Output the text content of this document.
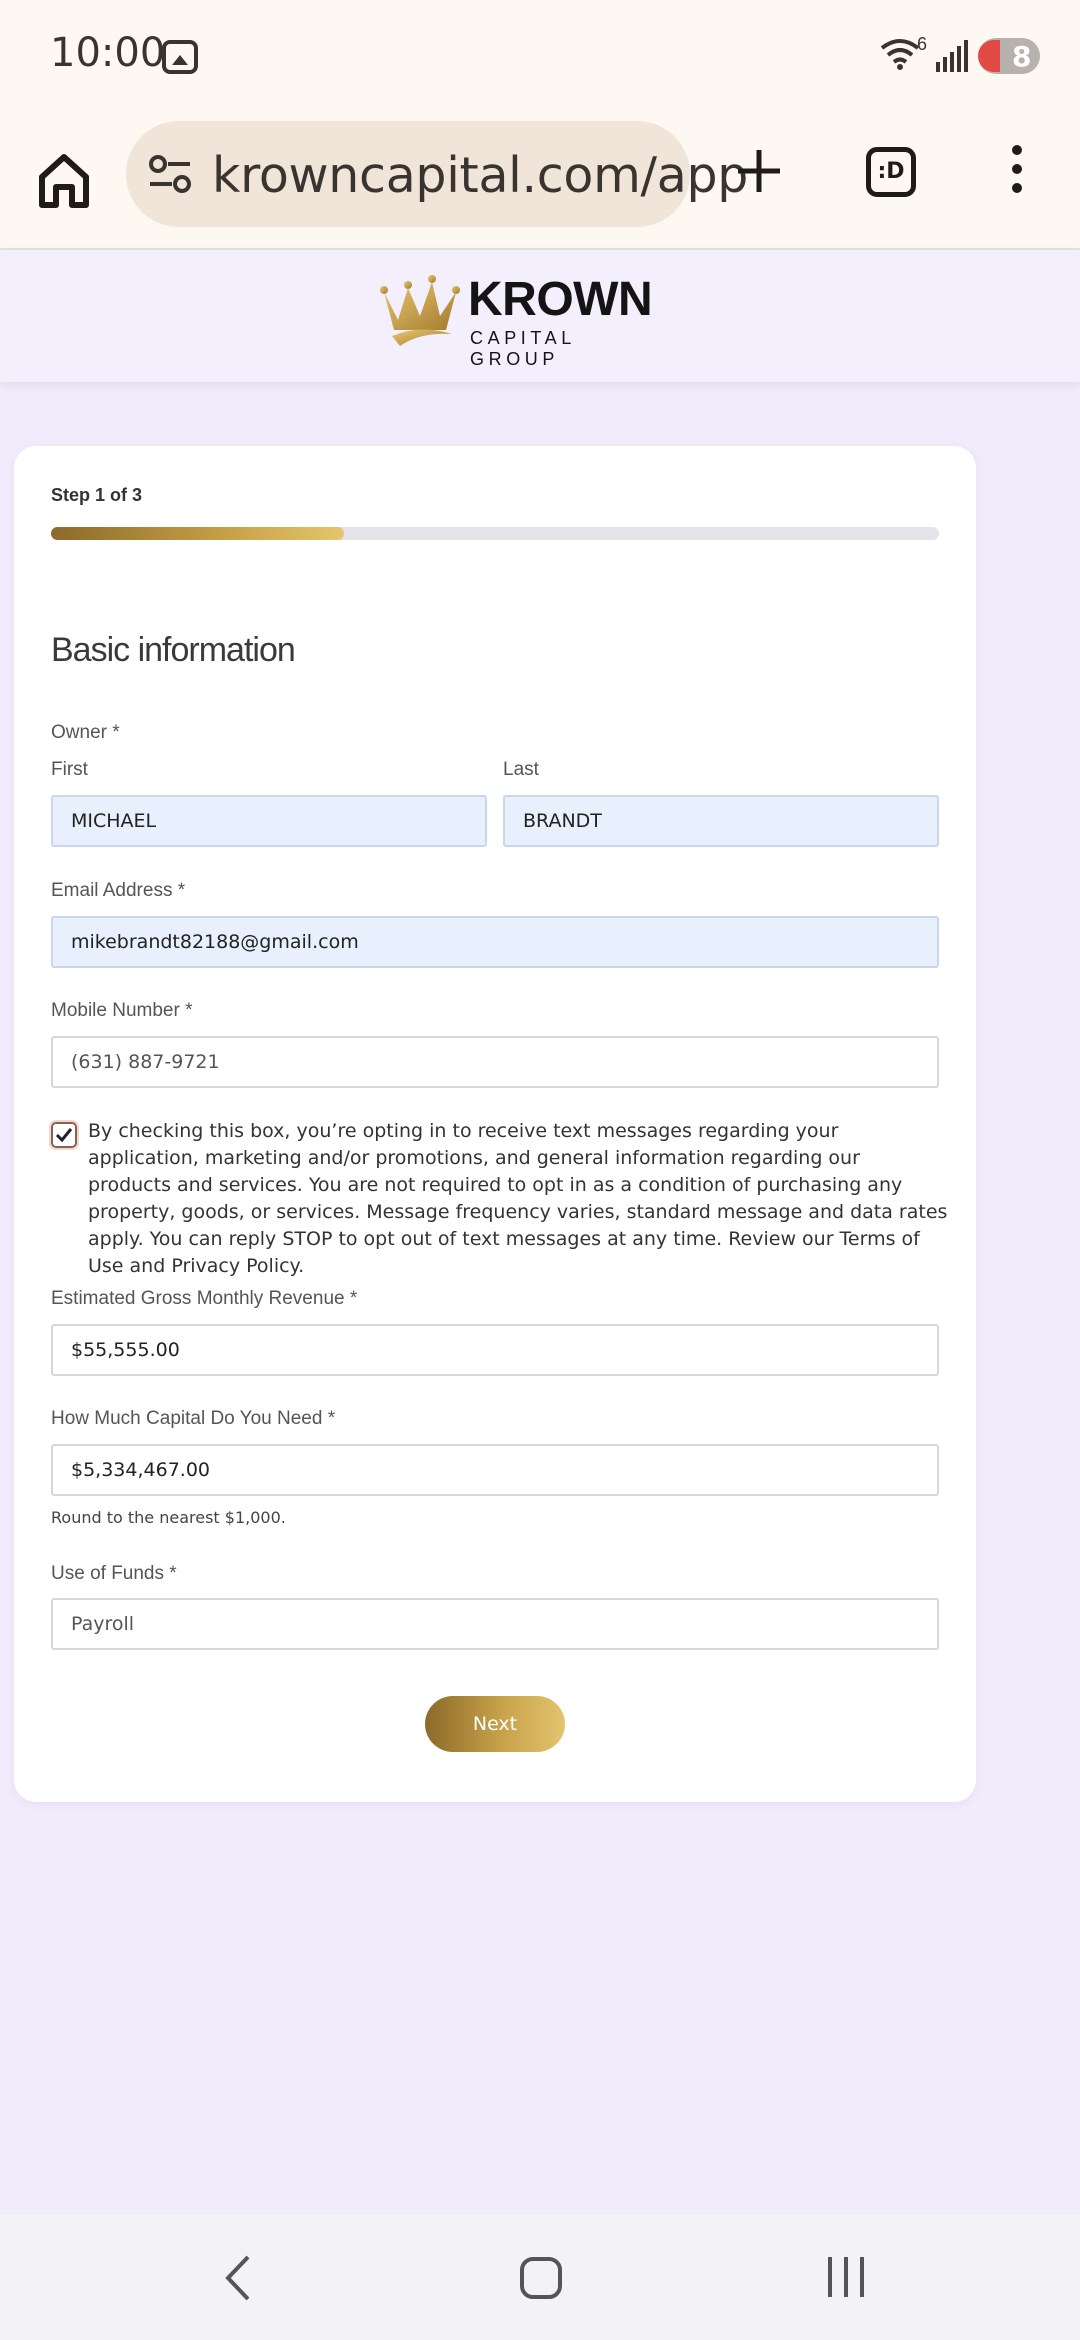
10:00	6	8
krowncapital.com/app	:D
KROWN
CAPITAL GROUP
Step 1 of 3
Basic information
Owner *
First	Last
MICHAEL	BRANDT
Email Address *
mikebrandt82188@gmail.com
Mobile Number *
(631) 887-9721

By checking this box, you’re opting in to receive text messages regarding your application, marketing and/or promotions, and general information regarding our products and services. You are not required to opt in as a condition of purchasing any property, goods, or services. Message frequency varies, standard message and data rates apply. You can reply STOP to opt out of text messages at any time. Review our Terms of Use and Privacy Policy.

Estimated Gross Monthly Revenue *
$55,555.00
How Much Capital Do You Need *
$5,334,467.00
Round to the nearest $1,000.
Use of Funds *
Payroll
Next
